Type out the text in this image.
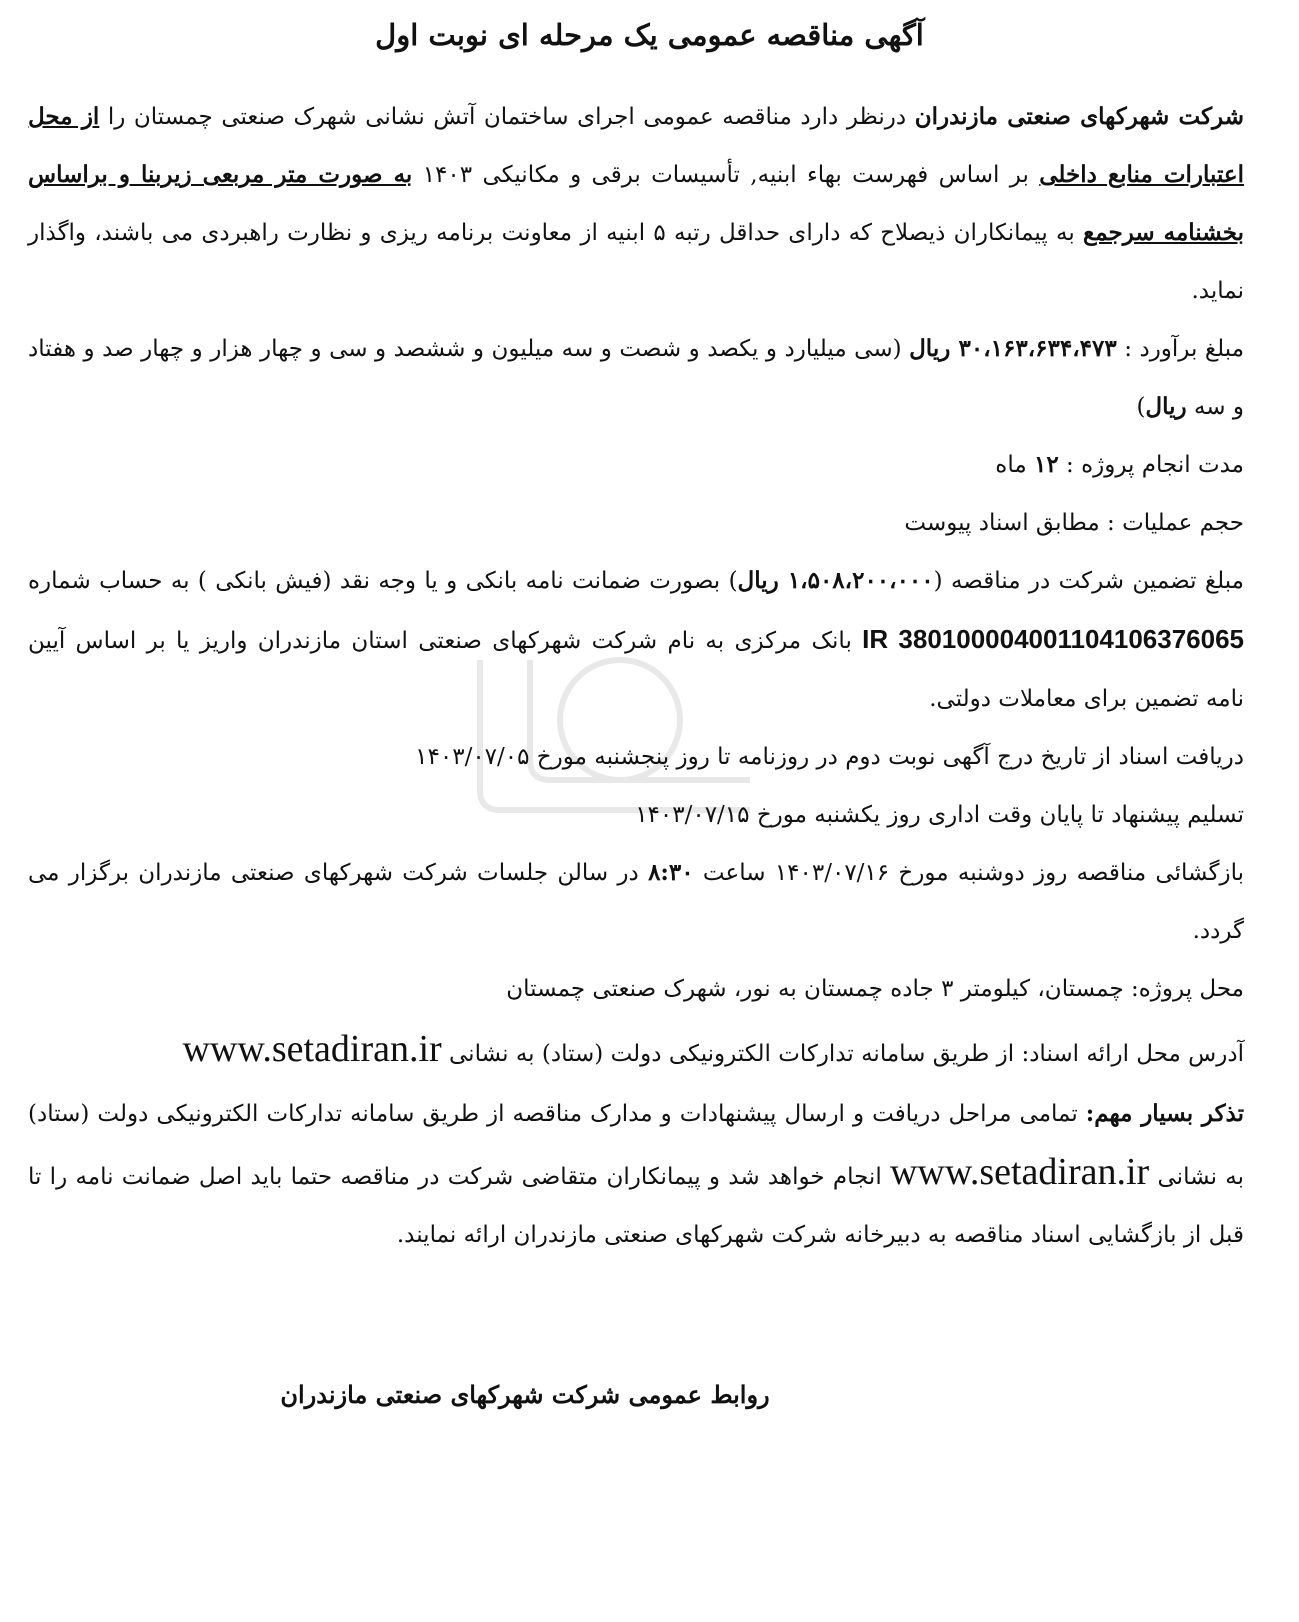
آگهی مناقصه عمومی یک مرحله ای نوبت اول

شرکت شهرکهای صنعتی مازندران درنظر دارد مناقصه عمومی اجرای ساختمان آتش نشانی شهرک صنعتی چمستان را از محل اعتبارات منابع داخلی بر اساس فهرست بهاء ابنیه, تأسیسات برقی و مکانیکی ۱۴۰۳ به صورت متر مربعی زیربنا و براساس بخشنامه سرجمع به پیمانکاران ذیصلاح که دارای حداقل رتبه ۵ ابنیه از معاونت برنامه ریزی و نظارت راهبردی می باشند، واگذار نماید.

مبلغ برآورد : ۳۰،۱۶۳،۶۳۴،۴۷۳ ریال (سی میلیارد و یکصد و شصت و سه میلیون و ششصد و سی و چهار هزار و چهار صد و هفتاد و سه ریال)

مدت انجام پروژه : ۱۲ ماه

حجم عملیات : مطابق اسناد پیوست

مبلغ تضمین شرکت در مناقصه (۱،۵۰۸،۲۰۰،۰۰۰ ریال) بصورت ضمانت نامه بانکی و یا وجه نقد (فیش بانکی ) به حساب شماره IR 380100004001104106376065 بانک مرکزی به نام شرکت شهرکهای صنعتی استان مازندران واریز یا بر اساس آیین نامه تضمین برای معاملات دولتی.

دریافت اسناد از تاریخ درج آگهی نوبت دوم در روزنامه تا روز پنجشنبه مورخ ۱۴۰۳/۰۷/۰۵

تسلیم پیشنهاد تا پایان وقت اداری روز یکشنبه مورخ ۱۴۰۳/۰۷/۱۵

بازگشائی مناقصه روز دوشنبه مورخ ۱۴۰۳/۰۷/۱۶ ساعت ۸:۳۰ در سالن جلسات شرکت شهرکهای صنعتی مازندران برگزار می گردد.

محل پروژه: چمستان، کیلومتر ۳ جاده چمستان به نور، شهرک صنعتی چمستان

آدرس محل ارائه اسناد: از طریق سامانه تدارکات الکترونیکی دولت (ستاد) به نشانی www.setadiran.ir

تذکر بسیار مهم: تمامی مراحل دریافت و ارسال پیشنهادات و مدارک مناقصه از طریق سامانه تدارکات الکترونیکی دولت (ستاد) به نشانی www.setadiran.ir انجام خواهد شد و پیمانکاران متقاضی شرکت در مناقصه حتما باید اصل ضمانت نامه را تا قبل از بازگشایی اسناد مناقصه به دبیرخانه شرکت شهرکهای صنعتی مازندران ارائه نمایند.

روابط عمومی شرکت شهرکهای صنعتی مازندران
